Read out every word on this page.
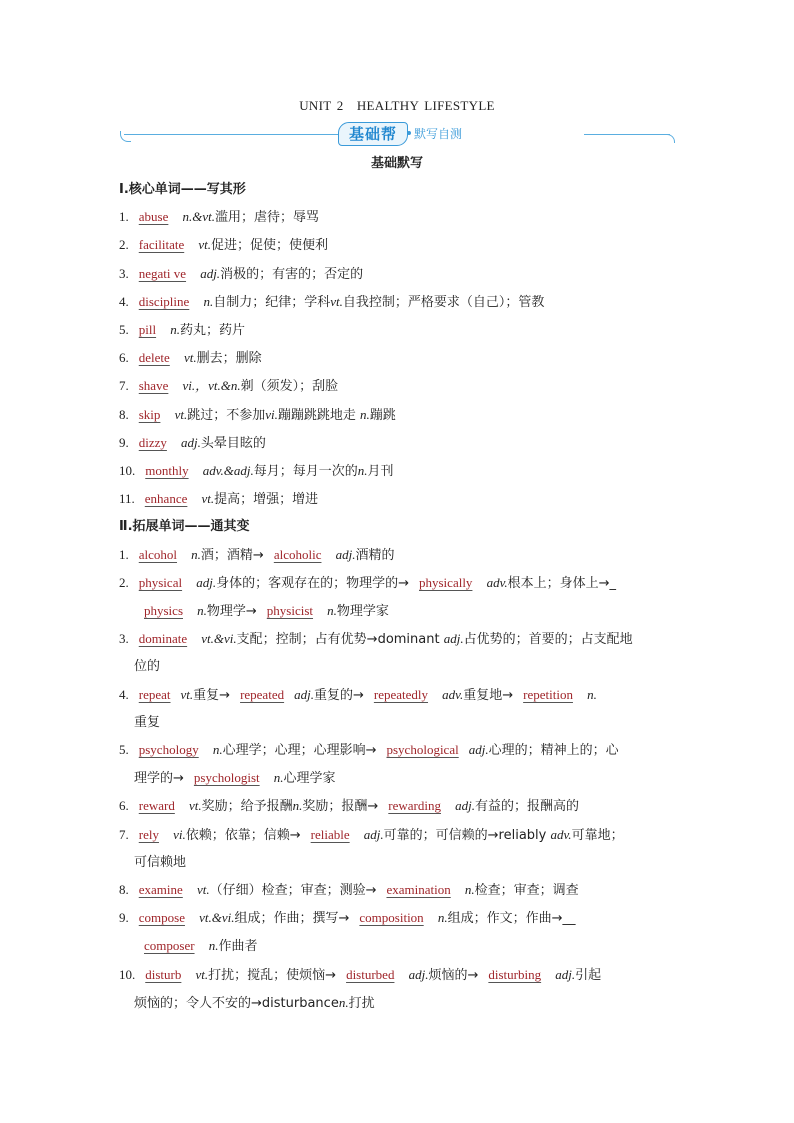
UNIT 2　HEALTHY LIFESTYLE
基础帮	默写自测
基础默写
Ⅰ.核心单词——写其形
1. abuse n.&vt.滥用；虐待；辱骂
2. facilitate vt.促进；促使；使便利
3. negati ve adj.消极的；有害的；否定的
4. discipline n.自制力；纪律；学科vt.自我控制；严格要求（自己）；管教
5. pill n.药丸；药片
6. delete vt.删去；删除
7. shave vi.，vt.&n.剃（须发）；刮脸
8. skip vt.跳过；不参加vi.蹦蹦跳跳地走 n.蹦跳
9. dizzy adj.头晕目眩的
10. monthly adv.&adj.每月；每月一次的n.月刊
11. enhance vt.提高；增强；增进
Ⅱ.拓展单词——通其变
1. alcohol n.酒；酒精→ alcoholic adj.酒精的
2. physical adj.身体的；客观存在的；物理学的→ physically adv.根本上；身体上→_
physics n.物理学→ physicist n.物理学家
3. dominate vt.&vi.支配；控制；占有优势→dominant adj.占优势的；首要的；占支配地
位的
4. repeat vt.重复→ repeated adj.重复的→ repeatedly adv.重复地→ repetition n.
重复
5. psychology n.心理学；心理；心理影响→ psychological adj.心理的；精神上的；心
理学的→ psychologist n.心理学家
6. reward vt.奖励；给予报酬n.奖励；报酬→ rewarding adj.有益的；报酬高的
7. rely vi.依赖；依靠；信赖→ reliable adj.可靠的；可信赖的→reliably adv.可靠地；
可信赖地
8. examine vt.（仔细）检查；审查；测验→ examination n.检查；审查；调查
9. compose vt.&vi.组成；作曲；撰写→ composition n.组成；作文；作曲→__
composer n.作曲者
10. disturb vt.打扰；搅乱；使烦恼→ disturbed adj.烦恼的→ disturbing adj.引起
烦恼的；令人不安的→disturbancen.打扰
